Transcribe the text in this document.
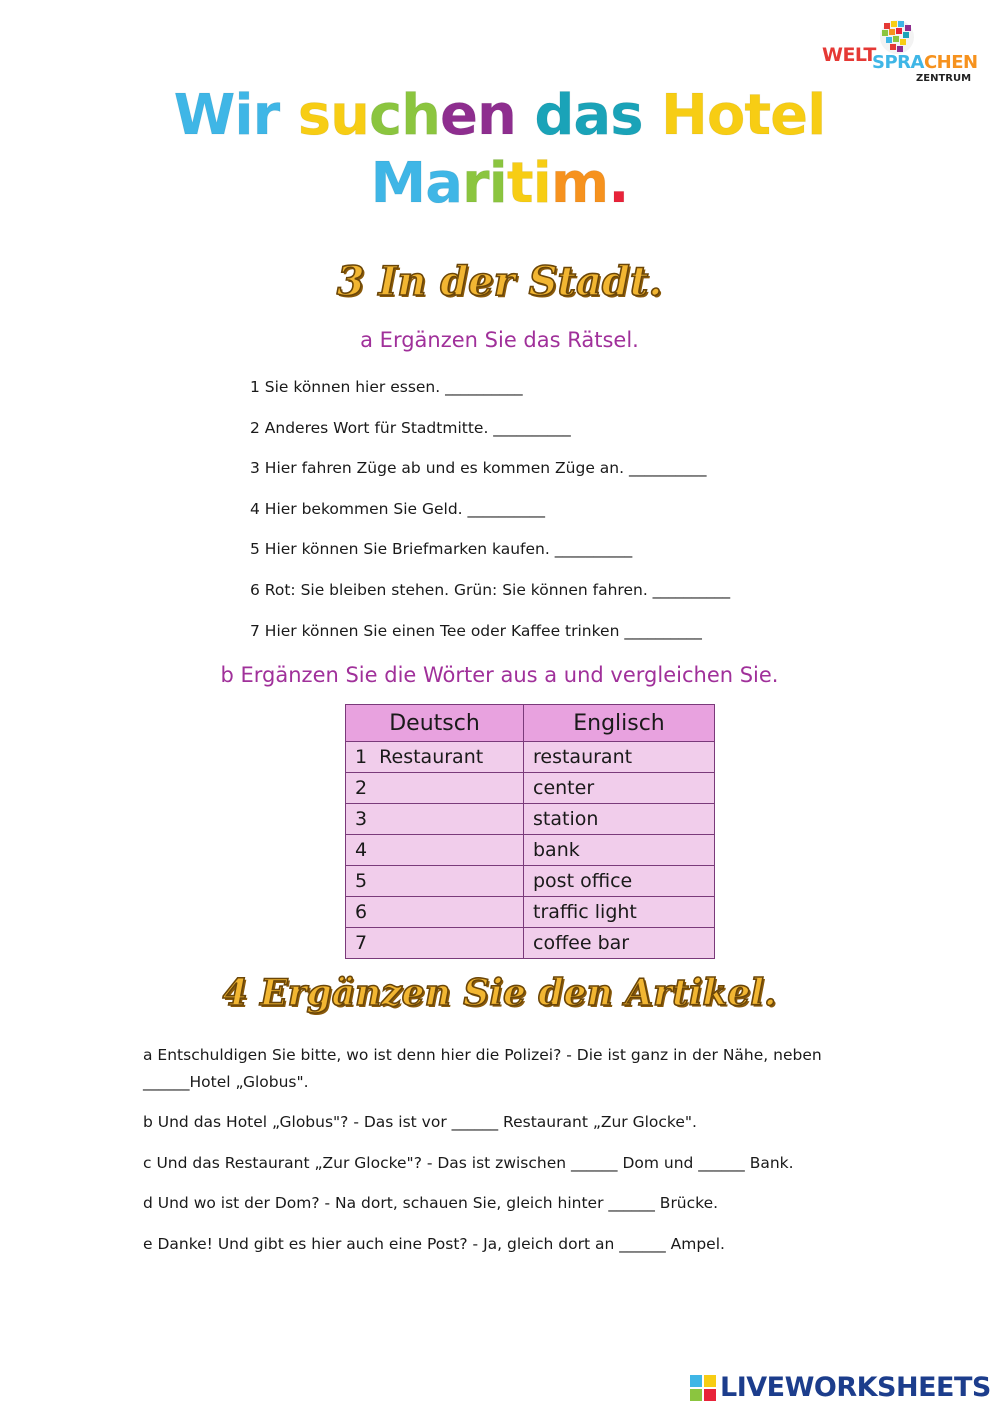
WELT
SPRACHEN
ZENTRUM
Wir suchen das Hotel
Maritim.
3 In der Stadt.
a Ergänzen Sie das Rätsel.
1 Sie können hier essen. __________
2 Anderes Wort für Stadtmitte. __________
3 Hier fahren Züge ab und es kommen Züge an. __________
4 Hier bekommen Sie Geld. __________
5 Hier können Sie Briefmarken kaufen. __________
6 Rot: Sie bleiben stehen. Grün: Sie können fahren. __________
7 Hier können Sie einen Tee oder Kaffee trinken __________
b Ergänzen Sie die Wörter aus a und vergleichen Sie.
Deutsch	Englisch
1  Restaurant	restaurant
2	center
3	station
4	bank
5	post office
6	traffic light
7	coffee bar
4 Ergänzen Sie den Artikel.

a Entschuldigen Sie bitte, wo ist denn hier die Polizei? - Die ist ganz in der Nähe, neben ______Hotel „Globus".

b Und das Hotel „Globus"? - Das ist vor ______ Restaurant „Zur Glocke".

c Und das Restaurant „Zur Glocke"? - Das ist zwischen ______ Dom und ______ Bank.

d Und wo ist der Dom? - Na dort, schauen Sie, gleich hinter ______ Brücke.

e Danke! Und gibt es hier auch eine Post? - Ja, gleich dort an ______ Ampel.

LIVEWORKSHEETS
